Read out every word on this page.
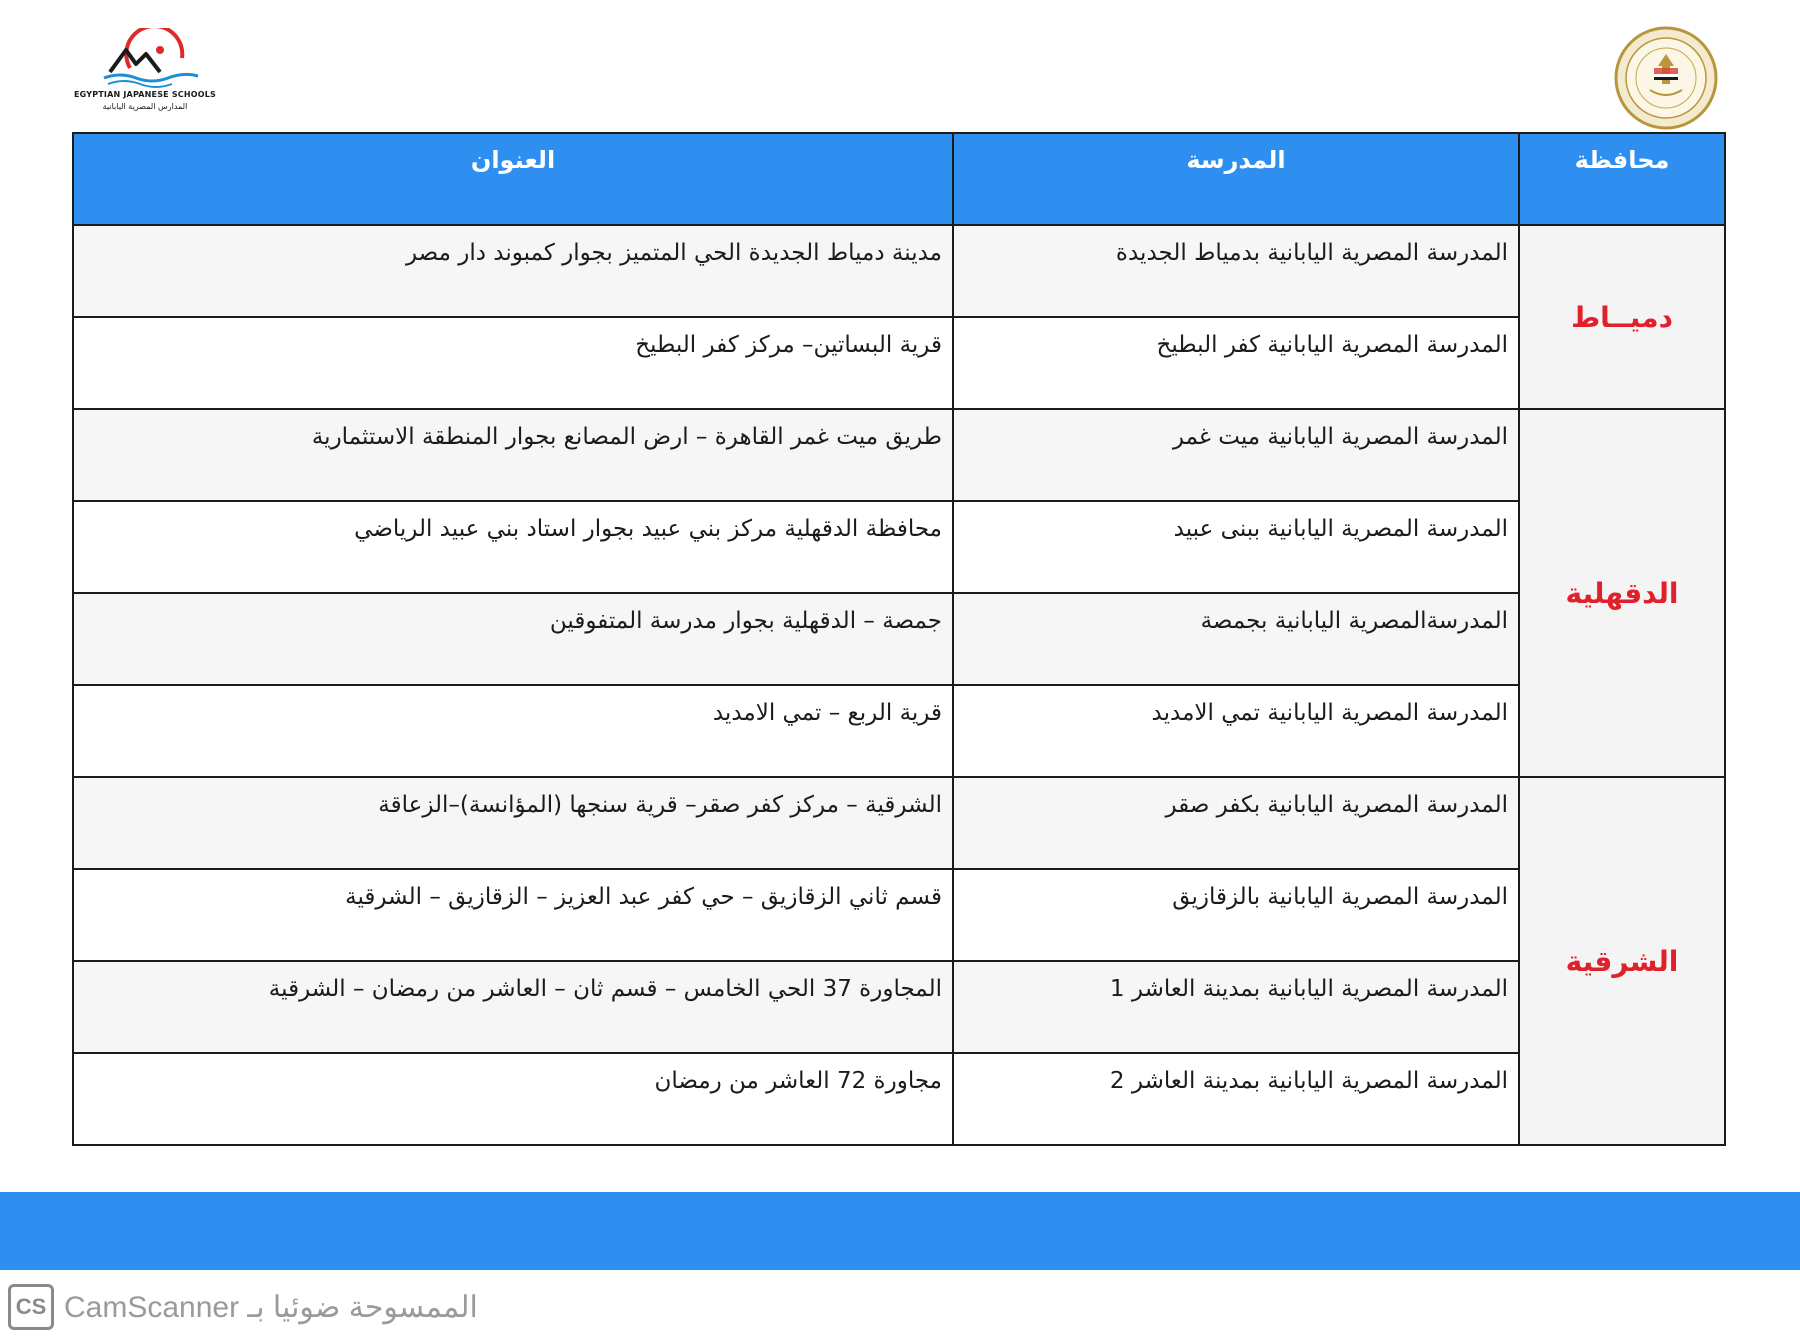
EGYPTIAN JAPANESE SCHOOLS
المدارس المصرية اليابانية
محافظة	المدرسة	العنوان
دميــاط	المدرسة المصرية اليابانية بدمياط الجديدة	مدينة دمياط الجديدة الحي المتميز بجوار كمبوند دار مصر
	المدرسة المصرية اليابانية كفر البطيخ	قرية البساتين– مركز كفر البطيخ
الدقهلية	المدرسة المصرية اليابانية ميت غمر	طريق ميت غمر القاهرة – ارض المصانع بجوار المنطقة الاستثمارية
	المدرسة المصرية اليابانية ببنى عبيد	محافظة الدقهلية مركز بني عبيد بجوار استاد بني عبيد الرياضي
	المدرسةالمصرية اليابانية بجمصة	جمصة – الدقهلية بجوار مدرسة المتفوقين
	المدرسة المصرية اليابانية تمي الامديد	قرية الربع – تمي الامديد
الشرقية	المدرسة المصرية اليابانية بكفر صقر	الشرقية – مركز كفر صقر– قرية سنجها (المؤانسة)–الزعاقة
	المدرسة المصرية اليابانية بالزقازيق	قسم ثاني الزقازيق – حي كفر عبد العزيز – الزقازيق – الشرقية
	المدرسة المصرية اليابانية بمدينة العاشر 1	المجاورة 37 الحي الخامس – قسم ثان – العاشر من رمضان – الشرقية
	المدرسة المصرية اليابانية بمدينة العاشر 2	مجاورة 72 العاشر من رمضان
CS الممسوحة ضوئيا بـ CamScanner
